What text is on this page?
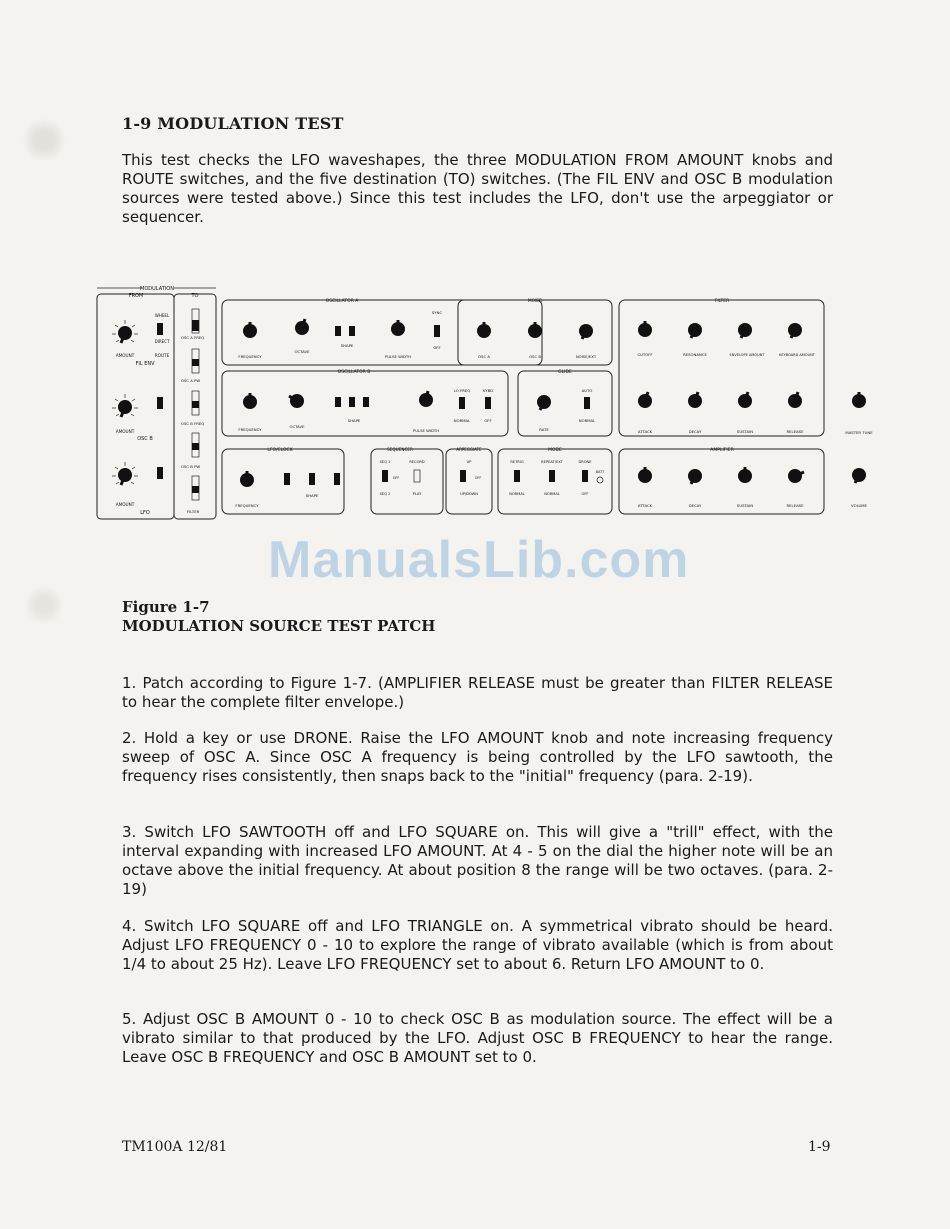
1-9 MODULATION TEST
This test checks the LFO waveshapes, the three MODULATION FROM AMOUNT knobs and ROUTE switches, and the five destination (TO) switches. (The FIL ENV and OSC B modulation sources were tested above.) Since this test includes the LFO, don't use the arpeggiator or sequencer.
MODULATION
FROM	TO
AMOUNT
FIL ENV
WHEEL
DIRECT
ROUTE
AMOUNT
OSC B
AMOUNT
LFO
OSC A FREQ
OSC A PW
OSC B FREQ
OSC B PW
FILTER
OSCILLATOR A
FREQUENCY
OCTAVE
SHAPE
PULSE WIDTH
SYNC
OFF
OSCILLATOR B
FREQUENCY
OCTAVE
SHAPE
PULSE WIDTH
LO FREQ	KYBD
NORMAL	OFF
MIXER
OSC A	OSC B	NOISE/EXT
GLIDE
RATE
AUTO
NORMAL
FILTER
CUTOFF	RESONANCE	ENVELOPE AMOUNT	KEYBOARD AMOUNT
ATTACK	DECAY	SUSTAIN	RELEASE	MASTER TUNE
VOLUME
LFO/CLOCK
FREQUENCY
SHAPE
SEQUENCER
SEQ 1	RECORD
OFF
SEQ 2	PLAY
ARPEGGIATE
UP
OFF
UP/DOWN
MODE
RETRIG	REPEAT/EXT	DRONE
BATT
NORMAL	NORMAL	OFF
AMPLIFIER
ATTACK	DECAY	SUSTAIN	RELEASE
ManualsLib.com
Figure 1-7
MODULATION SOURCE TEST PATCH
1. Patch according to Figure 1-7. (AMPLIFIER RELEASE must be greater than FILTER RELEASE to hear the complete filter envelope.)
2. Hold a key or use DRONE. Raise the LFO AMOUNT knob and note increasing frequency sweep of OSC A. Since OSC A frequency is being controlled by the LFO sawtooth, the frequency rises consistently, then snaps back to the "initial" frequency (para. 2-19).
3. Switch LFO SAWTOOTH off and LFO SQUARE on. This will give a "trill" effect, with the interval expanding with increased LFO AMOUNT. At 4 - 5 on the dial the higher note will be an octave above the initial frequency. At about position 8 the range will be two octaves. (para. 2-19)
4. Switch LFO SQUARE off and LFO TRIANGLE on. A symmetrical vibrato should be heard. Adjust LFO FREQUENCY 0 - 10 to explore the range of vibrato available (which is from about 1/4 to about 25 Hz). Leave LFO FREQUENCY set to about 6. Return LFO AMOUNT to 0.
5. Adjust OSC B AMOUNT 0 - 10 to check OSC B as modulation source. The effect will be a vibrato similar to that produced by the LFO. Adjust OSC B FREQUENCY to hear the range. Leave OSC B FREQUENCY and OSC B AMOUNT set to 0.
TM100A 12/81	1-9
